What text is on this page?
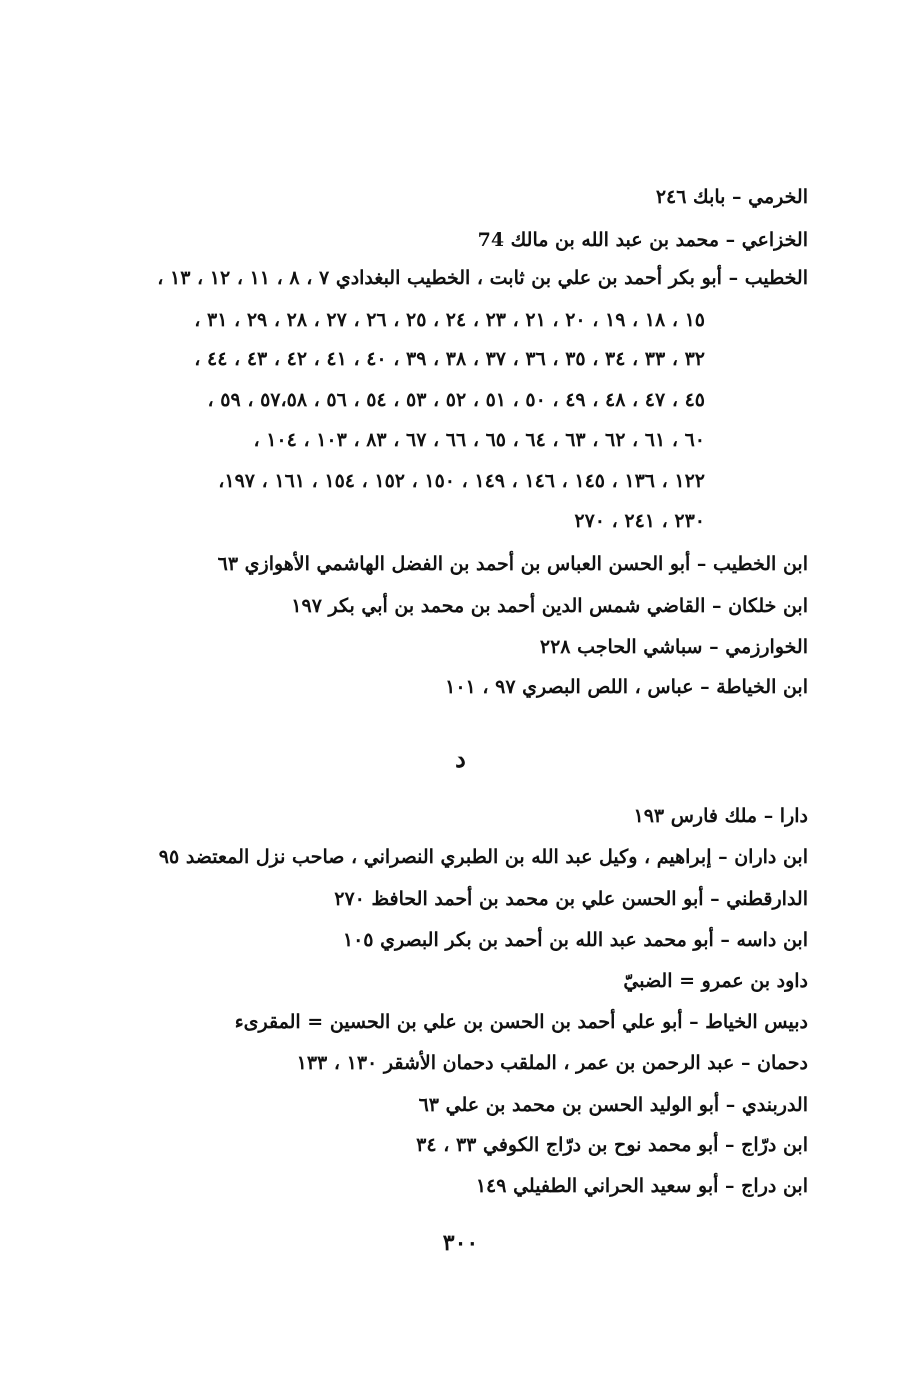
الخرمي – بابك ٢٤٦
الخزاعي – محمد بن عبد الله بن مالك 74
الخطيب – أبو بكر أحمد بن علي بن ثابت ، الخطيب البغدادي ٧ ، ٨ ، ١١ ، ١٢ ، ١٣ ،
١٥ ، ١٨ ، ١٩ ، ٢٠ ، ٢١ ، ٢٣ ، ٢٤ ، ٢٥ ، ٢٦ ، ٢٧ ، ٢٨ ، ٢٩ ، ٣١ ،
٣٢ ، ٣٣ ، ٣٤ ، ٣٥ ، ٣٦ ، ٣٧ ، ٣٨ ، ٣٩ ، ٤٠ ، ٤١ ، ٤٢ ، ٤٣ ، ٤٤ ،
٤٥ ، ٤٧ ، ٤٨ ، ٤٩ ، ٥٠ ، ٥١ ، ٥٢ ، ٥٣ ، ٥٤ ، ٥٦ ، ٥٧،٥٨ ، ٥٩ ،
٦٠ ، ٦١ ، ٦٢ ، ٦٣ ، ٦٤ ، ٦٥ ، ٦٦ ، ٦٧ ، ٨٣ ، ١٠٣ ، ١٠٤ ،
١٢٢ ، ١٣٦ ، ١٤٥ ، ١٤٦ ، ١٤٩ ، ١٥٠ ، ١٥٢ ، ١٥٤ ، ١٦١ ، ١٩٧،
٢٣٠ ، ٢٤١ ، ٢٧٠
ابن الخطيب – أبو الحسن العباس بن أحمد بن الفضل الهاشمي الأهوازي ٦٣
ابن خلكان – القاضي شمس الدين أحمد بن محمد بن أبي بكر ١٩٧
الخوارزمي – سباشي الحاجب ٢٢٨
ابن الخياطة – عباس ، اللص البصري ٩٧ ، ١٠١
د
دارا – ملك فارس ١٩٣
ابن داران – إبراهيم ، وكيل عبد الله بن الطبري النصراني ، صاحب نزل المعتضد ٩٥
الدارقطني – أبو الحسن علي بن محمد بن أحمد الحافظ ٢٧٠
ابن داسه – أبو محمد عبد الله بن أحمد بن بكر البصري ١٠٥
داود بن عمرو = الضبيّ
دبيس الخياط – أبو علي أحمد بن الحسن بن علي بن الحسين = المقرىء
دحمان – عبد الرحمن بن عمر ، الملقب دحمان الأشقر ١٣٠ ، ١٣٣
الدربندي – أبو الوليد الحسن بن محمد بن علي ٦٣
ابن درّاج – أبو محمد نوح بن درّاج الكوفي ٣٣ ، ٣٤
ابن دراج – أبو سعيد الحراني الطفيلي ١٤٩
٣٠٠
